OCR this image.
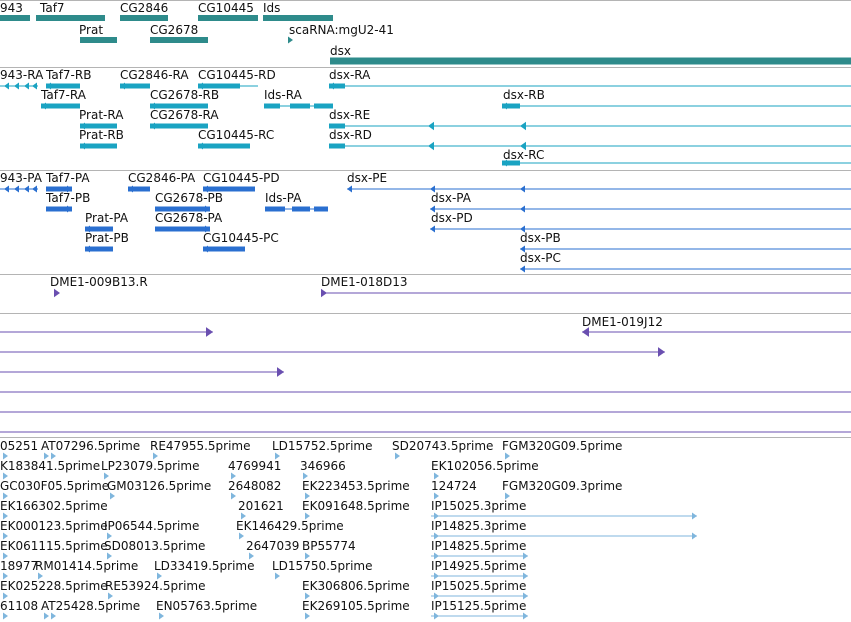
943 Taf7	CG2846 CG10445 Ids
Prat	CG2678	scaRNA:mgU2-41
dsx
943-RA Taf7-RB CG2846-RA CG10445-RD	dsx-RA
Taf7-RA	CG2678-RB	Ids-RA	dsx-RB
Prat-RA CG2678-RA	dsx-RE
Prat-RB	CG10445-RC	dsx-RD
dsx-RC
943-PA Taf7-PA	CG2846-PA CG10445-PD	dsx-PE
Taf7-PB	CG2678-PB	Ids-PA	dsx-PA
Prat-PA CG2678-PA	dsx-PD
Prat-PB	CG10445-PC	dsx-PB
dsx-PC
DME1-009B13.R	DME1-018D13
DME1-019J12
05251 AT07296.5prime RE47955.5prime LD15752.5prime SD20743.5prime FGM320G09.5prime
K183841.5prime LP23079.5prime 4769941 346966	EK102056.5prime
GC030F05.5prime
GM03126.5prime 2648082 EK223453.5prime 124724 FGM320G09.3prime
EK166302.5prime	201621 EK091648.5prime IP15025.3prime
EK000123.5prime
IP06544.5prime	EK146429.5prime	IP14825.3prime
EK061115.5prime
SD08013.5prime	2647039 BP55774	IP14825.5prime
18977
RM01414.5prime LD33419.5prime LD15750.5prime	IP14925.5prime
EK025228.5prime
RE53924.5prime	EK306806.5prime IP15025.5prime
61108 AT25428.5prime EN05763.5prime	EK269105.5prime IP15125.5prime
